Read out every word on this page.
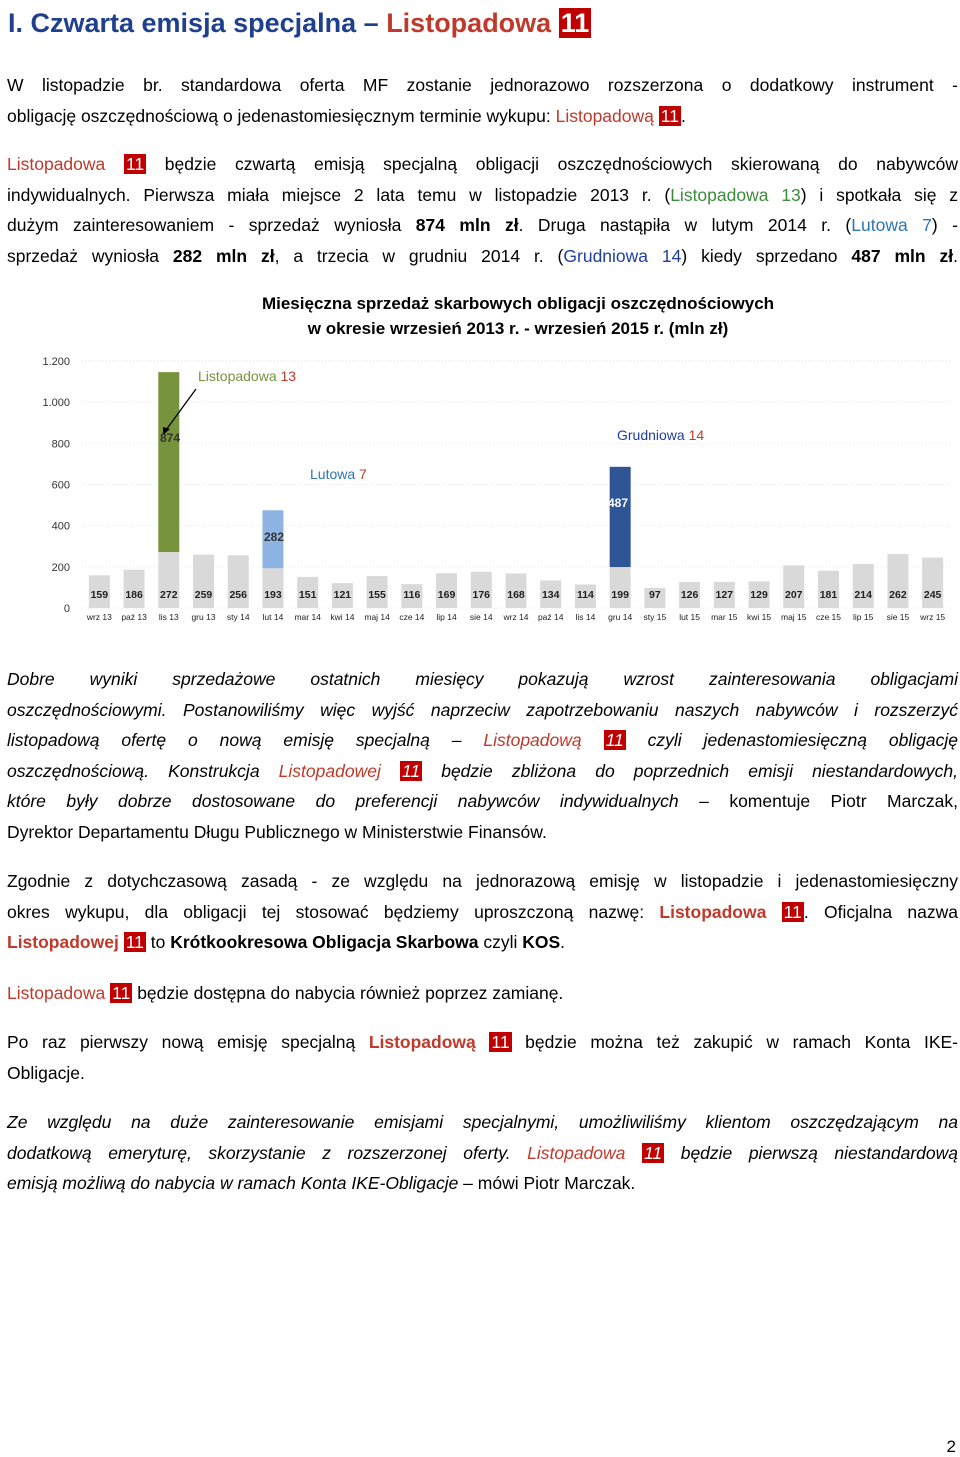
I. Czwarta emisja specjalna – Listopadowa 11
W listopadzie br. standardowa oferta MF zostanie jednorazowo rozszerzona o dodatkowy instrument -
obligację oszczędnościową o jedenastomiesięcznym terminie wykupu: Listopadową 11 .
Listopadowa 11 będzie czwartą emisją specjalną obligacji oszczędnościowych skierowaną do nabywców
indywidualnych. Pierwsza miała miejsce 2 lata temu w listopadzie 2013 r. (Listopadowa 13) i spotkała się z
dużym zainteresowaniem - sprzedaż wyniosła 874 mln zł. Druga nastąpiła w lutym 2014 r. (Lutowa 7) -
sprzedaż wyniosła 282 mln zł, a trzecia w grudniu 2014 r. (Grudniowa 14) kiedy sprzedano 487 mln zł.
Miesięczna sprzedaż skarbowych obligacji oszczędnościowych
w okresie wrzesień 2013 r. - wrzesień 2015 r. (mln zł)
0
200
400
600
800
1.000
1.200
159 186 272 259 256 193 151 121 155 116 169 176 168 134 114 199 97 126 127 129 207 181 214 262 245
wrz 13 paź 13 lis 13 gru 13 sty 14 lut 14 mar 14 kwi 14 maj 14 cze 14 lip 14 sie 14 wrz 14 paź 14 lis 14 gru 14 sty 15 lut 15 mar 15 kwi 15 maj 15 cze 15 lip 15 sie 15 wrz 15
Listopadowa 13
Lutowa 7
Grudniowa 14
874
282
487
Dobre wyniki sprzedażowe ostatnich miesięcy pokazują wzrost zainteresowania obligacjami
oszczędnościowymi. Postanowiliśmy więc wyjść naprzeciw zapotrzebowaniu naszych nabywców i rozszerzyć
listopadową ofertę o nową emisję specjalną – Listopadową 11 czyli jedenastomiesięczną obligację
oszczędnościową. Konstrukcja Listopadowej 11 będzie zbliżona do poprzednich emisji niestandardowych,
które były dobrze dostosowane do preferencji nabywców indywidualnych – komentuje Piotr Marczak,
Dyrektor Departamentu Długu Publicznego w Ministerstwie Finansów.
Zgodnie z dotychczasową zasadą - ze względu na jednorazową emisję w listopadzie i jedenastomiesięczny
okres wykupu, dla obligacji tej stosować będziemy uproszczoną nazwę: Listopadowa 11 . Oficjalna nazwa
Listopadowej 11 to Krótkookresowa Obligacja Skarbowa czyli KOS.
Listopadowa 11 będzie dostępna do nabycia również poprzez zamianę.
Po raz pierwszy nową emisję specjalną Listopadową 11 będzie można też zakupić w ramach Konta IKE-
Obligacje.
Ze względu na duże zainteresowanie emisjami specjalnymi, umożliwiliśmy klientom oszczędzającym na
dodatkową emeryturę, skorzystanie z rozszerzonej oferty. Listopadowa 11 będzie pierwszą niestandardową
emisją możliwą do nabycia w ramach Konta IKE-Obligacje – mówi Piotr Marczak.
2
